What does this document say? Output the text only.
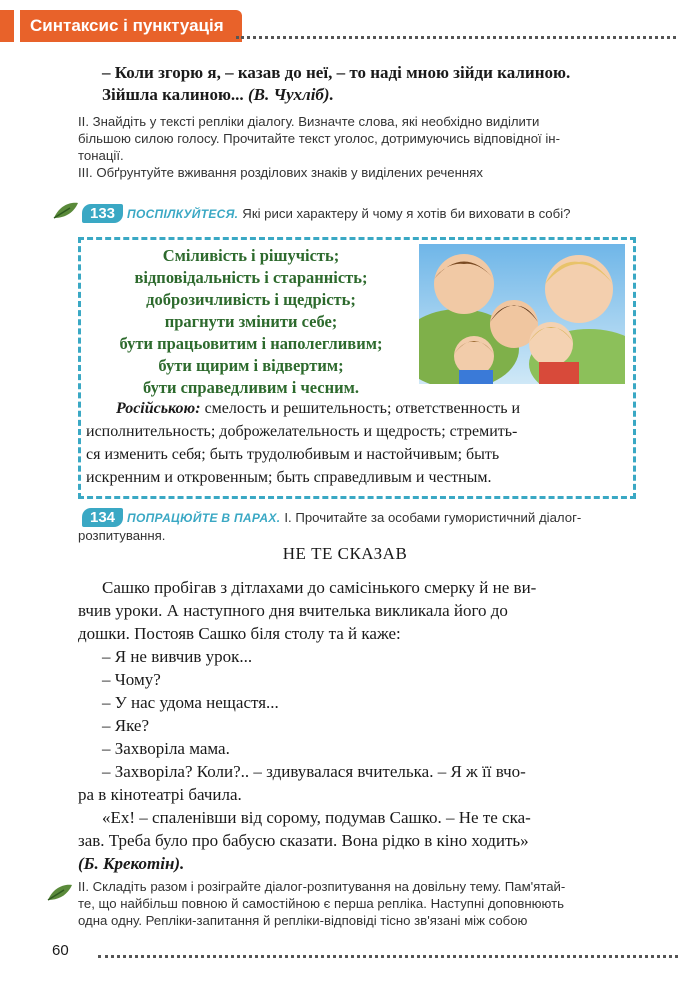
Синтаксис і пунктуація
– Коли згорю я, – казав до неї, – то наді мною зійди калиною.
Зійшла калиною... (В. Чухліб).
ІІ. Знайдіть у тексті репліки діалогу. Визначте слова, які необхідно виділити
більшою силою голосу. Прочитайте текст уголос, дотримуючись відповідної ін-
тонації.
ІІІ. Обґрунтуйте вживання розділових знаків у виділених реченнях
133 ПОСПІЛКУЙТЕСЯ. Які риси характеру й чому я хотів би виховати в собі?
Сміливість і рішучість;
відповідальність і старанність;
доброзичливість і щедрість;
прагнути змінити себе;
бути працьовитим і наполегливим;
бути щирим і відвертим;
бути справедливим і чесним.
Російською: смелость и решительность; ответственность и
исполнительность; доброжелательность и щедрость; стремить-
ся изменить себя; быть трудолюбивым и настойчивым; быть
искренним и откровенным; быть справедливым и честным.
134 ПОПРАЦЮЙТЕ В ПАРАХ. І. Прочитайте за особами гумористичний діалог-
розпитування.
НЕ ТЕ СКАЗАВ
Сашко пробігав з дітлахами до самісінького смерку й не ви-
вчив уроки. А наступного дня вчителька викликала його до
дошки. Постояв Сашко біля столу та й каже:
– Я не вивчив урок...
– Чому?
– У нас удома нещастя...
– Яке?
– Захворіла мама.
– Захворіла? Коли?.. – здивувалася вчителька. – Я ж її вчо-
ра в кінотеатрі бачила.
«Ех! – спаленівши від сорому, подумав Сашко. – Не те ска-
зав. Треба було про бабусю сказати. Вона рідко в кіно ходить»
(Б. Крекотін).
ІІ. Складіть разом і розіграйте діалог-розпитування на довільну тему. Пам'ятай-
те, що найбільш повною й самостійною є перша репліка. Наступні доповнюють
одна одну. Репліки-запитання й репліки-відповіді тісно зв'язані між собою
60
